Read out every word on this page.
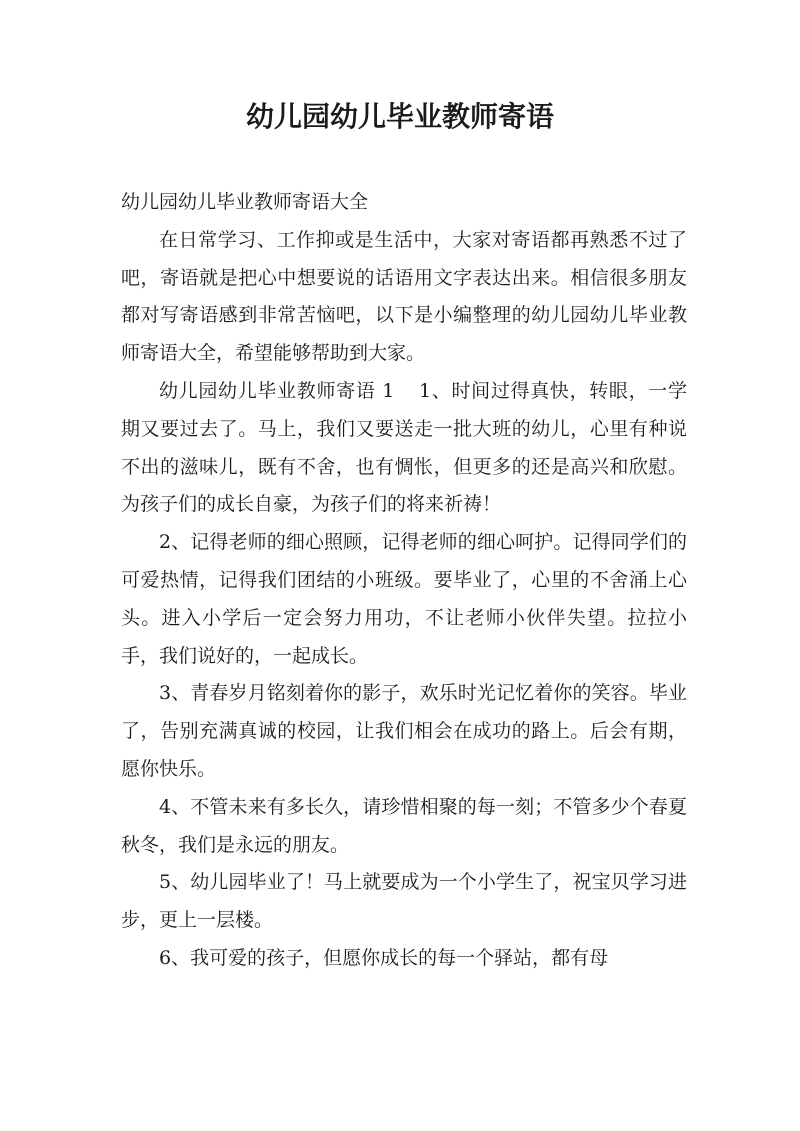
幼儿园幼儿毕业教师寄语

幼儿园幼儿毕业教师寄语大全

在日常学习、工作抑或是生活中，大家对寄语都再熟悉不过了吧，寄语就是把心中想要说的话语用文字表达出来。相信很多朋友都对写寄语感到非常苦恼吧，以下是小编整理的幼儿园幼儿毕业教师寄语大全，希望能够帮助到大家。

幼儿园幼儿毕业教师寄语 1 1、时间过得真快，转眼，一学期又要过去了。马上，我们又要送走一批大班的幼儿，心里有种说不出的滋味儿，既有不舍，也有惆怅，但更多的还是高兴和欣慰。为孩子们的成长自豪，为孩子们的将来祈祷！

2、记得老师的细心照顾，记得老师的细心呵护。记得同学们的可爱热情，记得我们团结的小班级。要毕业了，心里的不舍涌上心头。进入小学后一定会努力用功，不让老师小伙伴失望。拉拉小手，我们说好的，一起成长。

3、青春岁月铭刻着你的影子，欢乐时光记忆着你的笑容。毕业了，告别充满真诚的校园，让我们相会在成功的路上。后会有期，愿你快乐。

4、不管未来有多长久，请珍惜相聚的每一刻；不管多少个春夏秋冬，我们是永远的朋友。

5、幼儿园毕业了！马上就要成为一个小学生了，祝宝贝学习进步，更上一层楼。

6、我可爱的孩子，但愿你成长的每一个驿站，都有母
